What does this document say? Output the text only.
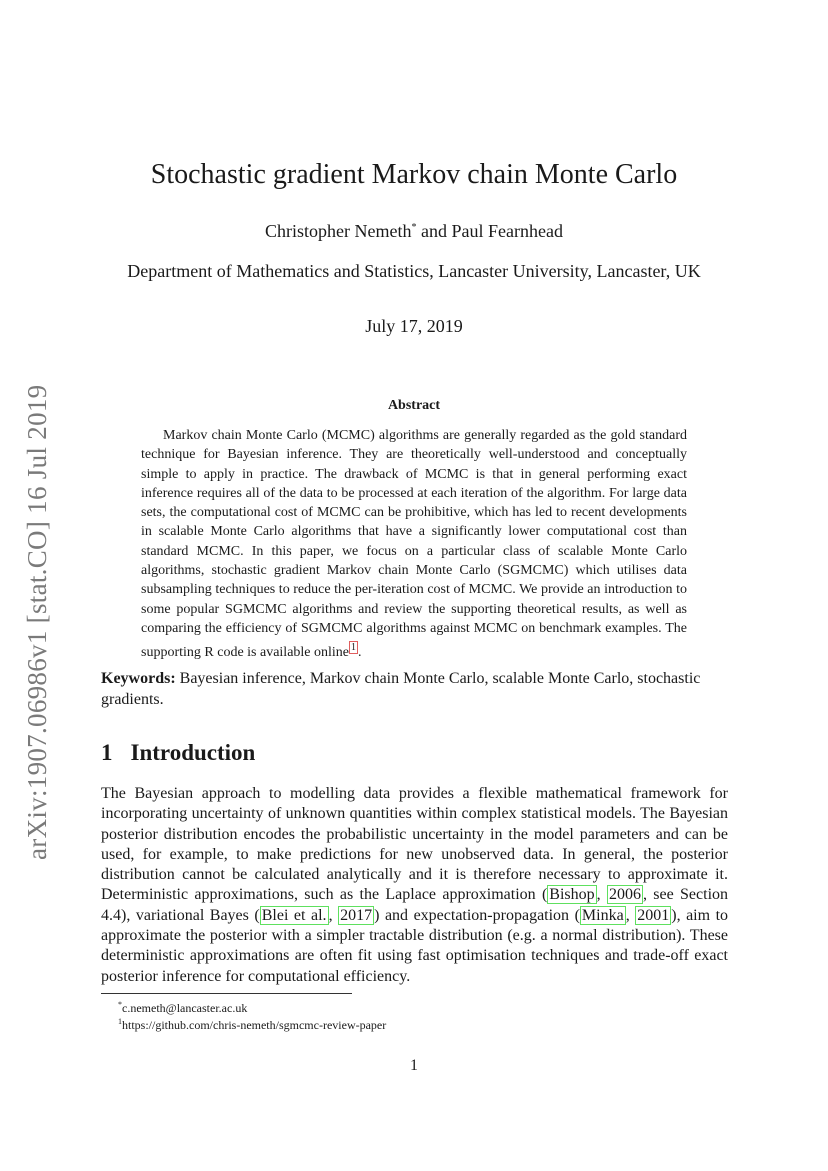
arXiv:1907.06986v1 [stat.CO] 16 Jul 2019
Stochastic gradient Markov chain Monte Carlo
Christopher Nemeth* and Paul Fearnhead
Department of Mathematics and Statistics, Lancaster University, Lancaster, UK
July 17, 2019
Abstract
Markov chain Monte Carlo (MCMC) algorithms are generally regarded as the gold standard technique for Bayesian inference. They are theoretically well-understood and conceptually simple to apply in practice. The drawback of MCMC is that in general performing exact inference requires all of the data to be processed at each iteration of the algorithm. For large data sets, the computational cost of MCMC can be prohibitive, which has led to recent developments in scalable Monte Carlo algorithms that have a significantly lower computational cost than standard MCMC. In this paper, we focus on a particular class of scalable Monte Carlo algorithms, stochastic gradient Markov chain Monte Carlo (SGMCMC) which utilises data subsampling techniques to reduce the per-iteration cost of MCMC. We provide an introduction to some popular SGMCMC algorithms and review the supporting theoretical results, as well as comparing the efficiency of SGMCMC algorithms against MCMC on benchmark examples. The supporting R code is available online $^1$ .
Keywords: Bayesian inference, Markov chain Monte Carlo, scalable Monte Carlo, stochastic gradients.
1 Introduction
The Bayesian approach to modelling data provides a flexible mathematical framework for incorporating uncertainty of unknown quantities within complex statistical models. The Bayesian posterior distribution encodes the probabilistic uncertainty in the model parameters and can be used, for example, to make predictions for new unobserved data. In general, the posterior distribution cannot be calculated analytically and it is therefore necessary to approximate it. Deterministic approximations, such as the Laplace approximation ( Bishop , 2006 , see Section 4.4), variational Bayes ( Blei et al. , 2017 ) and expectation-propagation ( Minka , 2001 ), aim to approximate the posterior with a simpler tractable distribution (e.g. a normal distribution). These deterministic approximations are often fit using fast optimisation techniques and trade-off exact posterior inference for computational efficiency.
*c.nemeth@lancaster.ac.uk
$^1$https://github.com/chris-nemeth/sgmcmc-review-paper
1
